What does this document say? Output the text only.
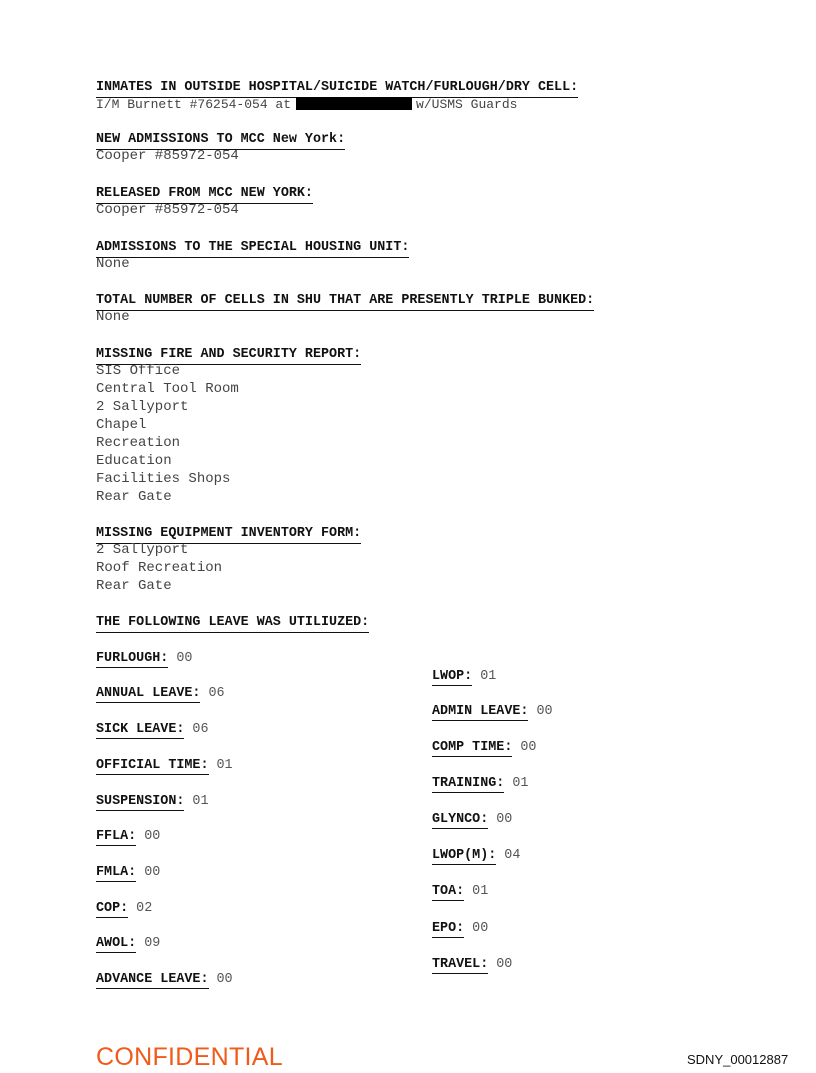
INMATES IN OUTSIDE HOSPITAL/SUICIDE WATCH/FURLOUGH/DRY CELL:
I/M Burnett #76254-054 at	w/USMS Guards
NEW ADMISSIONS TO MCC New York:
Cooper #85972-054
RELEASED FROM MCC NEW YORK:
Cooper #85972-054
ADMISSIONS TO THE SPECIAL HOUSING UNIT:
None
TOTAL NUMBER OF CELLS IN SHU THAT ARE PRESENTLY TRIPLE BUNKED:
None
MISSING FIRE AND SECURITY REPORT:
SIS Office
Central Tool Room
2 Sallyport
Chapel
Recreation
Education
Facilities Shops
Rear Gate
MISSING EQUIPMENT INVENTORY FORM:
2 Sallyport
Roof Recreation
Rear Gate
THE FOLLOWING LEAVE WAS UTILIUZED:
FURLOUGH: 00
ANNUAL LEAVE: 06
SICK LEAVE: 06
OFFICIAL TIME: 01
SUSPENSION: 01
FFLA: 00
FMLA: 00
COP: 02
AWOL: 09
ADVANCE LEAVE: 00
LWOP: 01
ADMIN LEAVE: 00
COMP TIME: 00
TRAINING: 01
GLYNCO: 00
LWOP(M): 04
TOA: 01
EPO: 00
TRAVEL: 00
CONFIDENTIAL	SDNY_00012887
